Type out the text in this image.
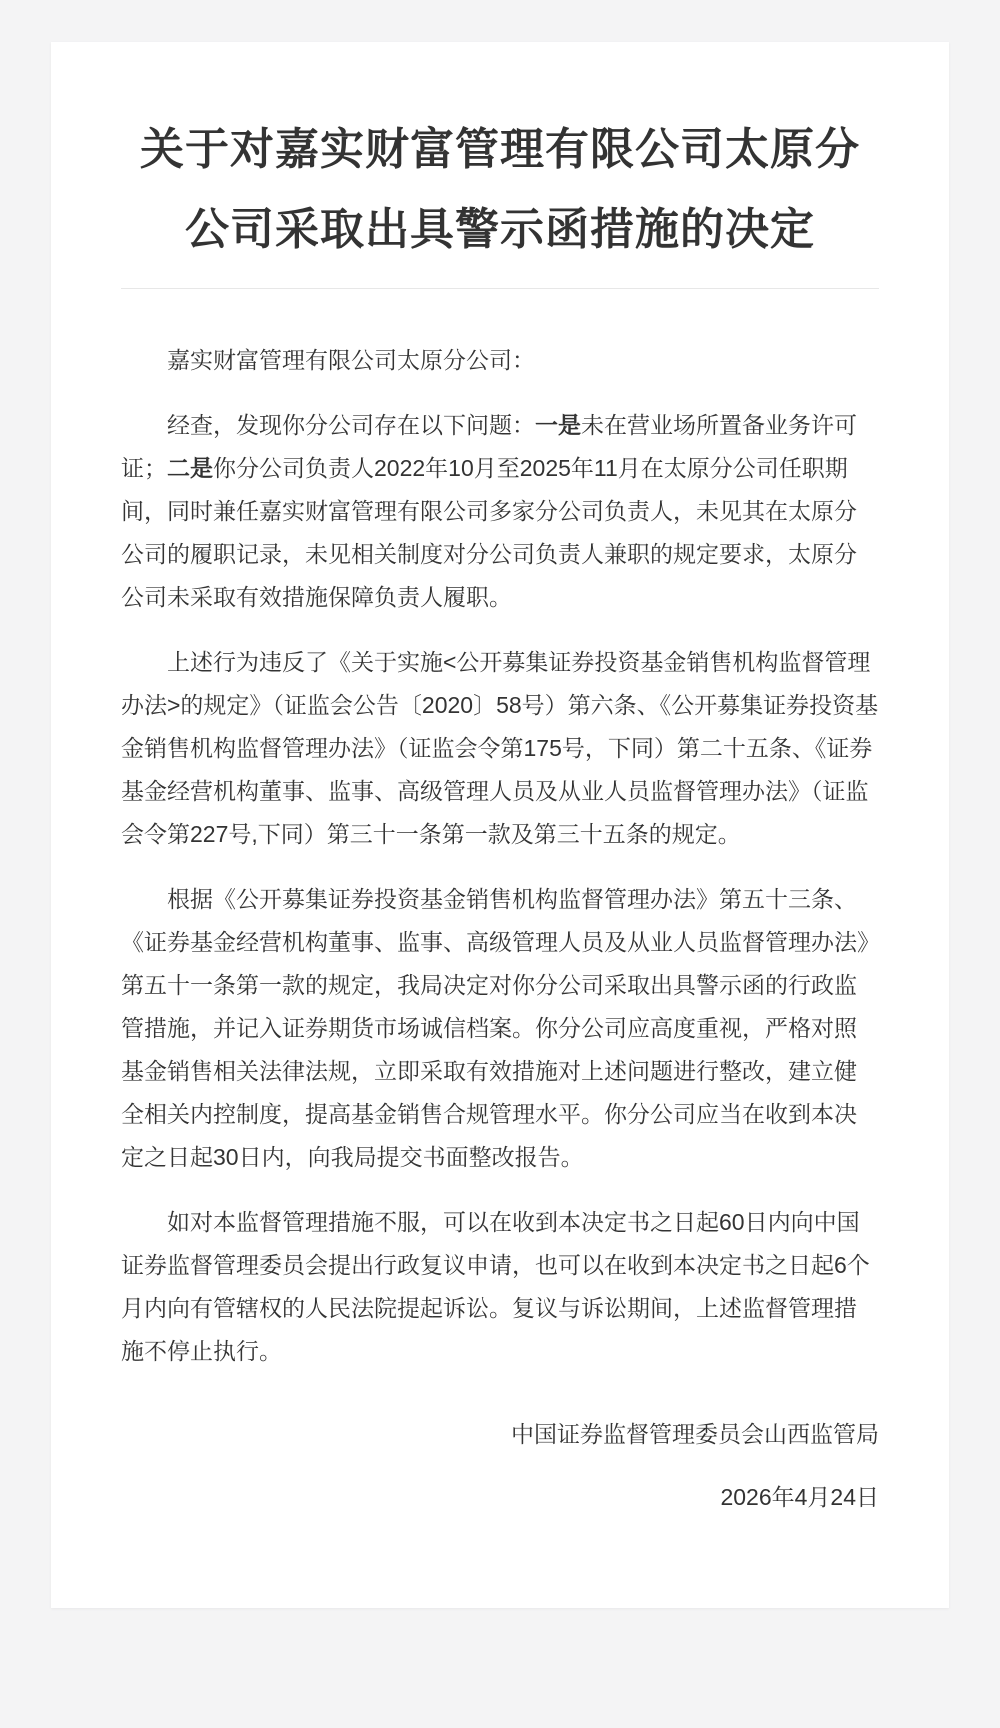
关于对嘉实财富管理有限公司太原分
公司采取出具警示函措施的决定

嘉实财富管理有限公司太原分公司：

经查，发现你分公司存在以下问题：一是未在营业场所置备业务许可证；二是你分公司负责人2022年10月至2025年11月在太原分公司任职期间，同时兼任嘉实财富管理有限公司多家分公司负责人，未见其在太原分公司的履职记录，未见相关制度对分公司负责人兼职的规定要求，太原分公司未采取有效措施保障负责人履职。

上述行为违反了《关于实施<公开募集证券投资基金销售机构监督管理办法>的规定》（证监会公告〔2020〕58号）第六条、《公开募集证券投资基金销售机构监督管理办法》（证监会令第175号，下同）第二十五条、《证券基金经营机构董事、监事、高级管理人员及从业人员监督管理办法》（证监会令第227号,下同）第三十一条第一款及第三十五条的规定。

根据《公开募集证券投资基金销售机构监督管理办法》第五十三条、《证券基金经营机构董事、监事、高级管理人员及从业人员监督管理办法》第五十一条第一款的规定，我局决定对你分公司采取出具警示函的行政监管措施，并记入证券期货市场诚信档案。你分公司应高度重视，严格对照基金销售相关法律法规，立即采取有效措施对上述问题进行整改，建立健全相关内控制度，提高基金销售合规管理水平。你分公司应当在收到本决定之日起30日内，向我局提交书面整改报告。

如对本监督管理措施不服，可以在收到本决定书之日起60日内向中国证券监督管理委员会提出行政复议申请，也可以在收到本决定书之日起6个月内向有管辖权的人民法院提起诉讼。复议与诉讼期间，上述监督管理措施不停止执行。

中国证券监督管理委员会山西监管局

2026年4月24日
